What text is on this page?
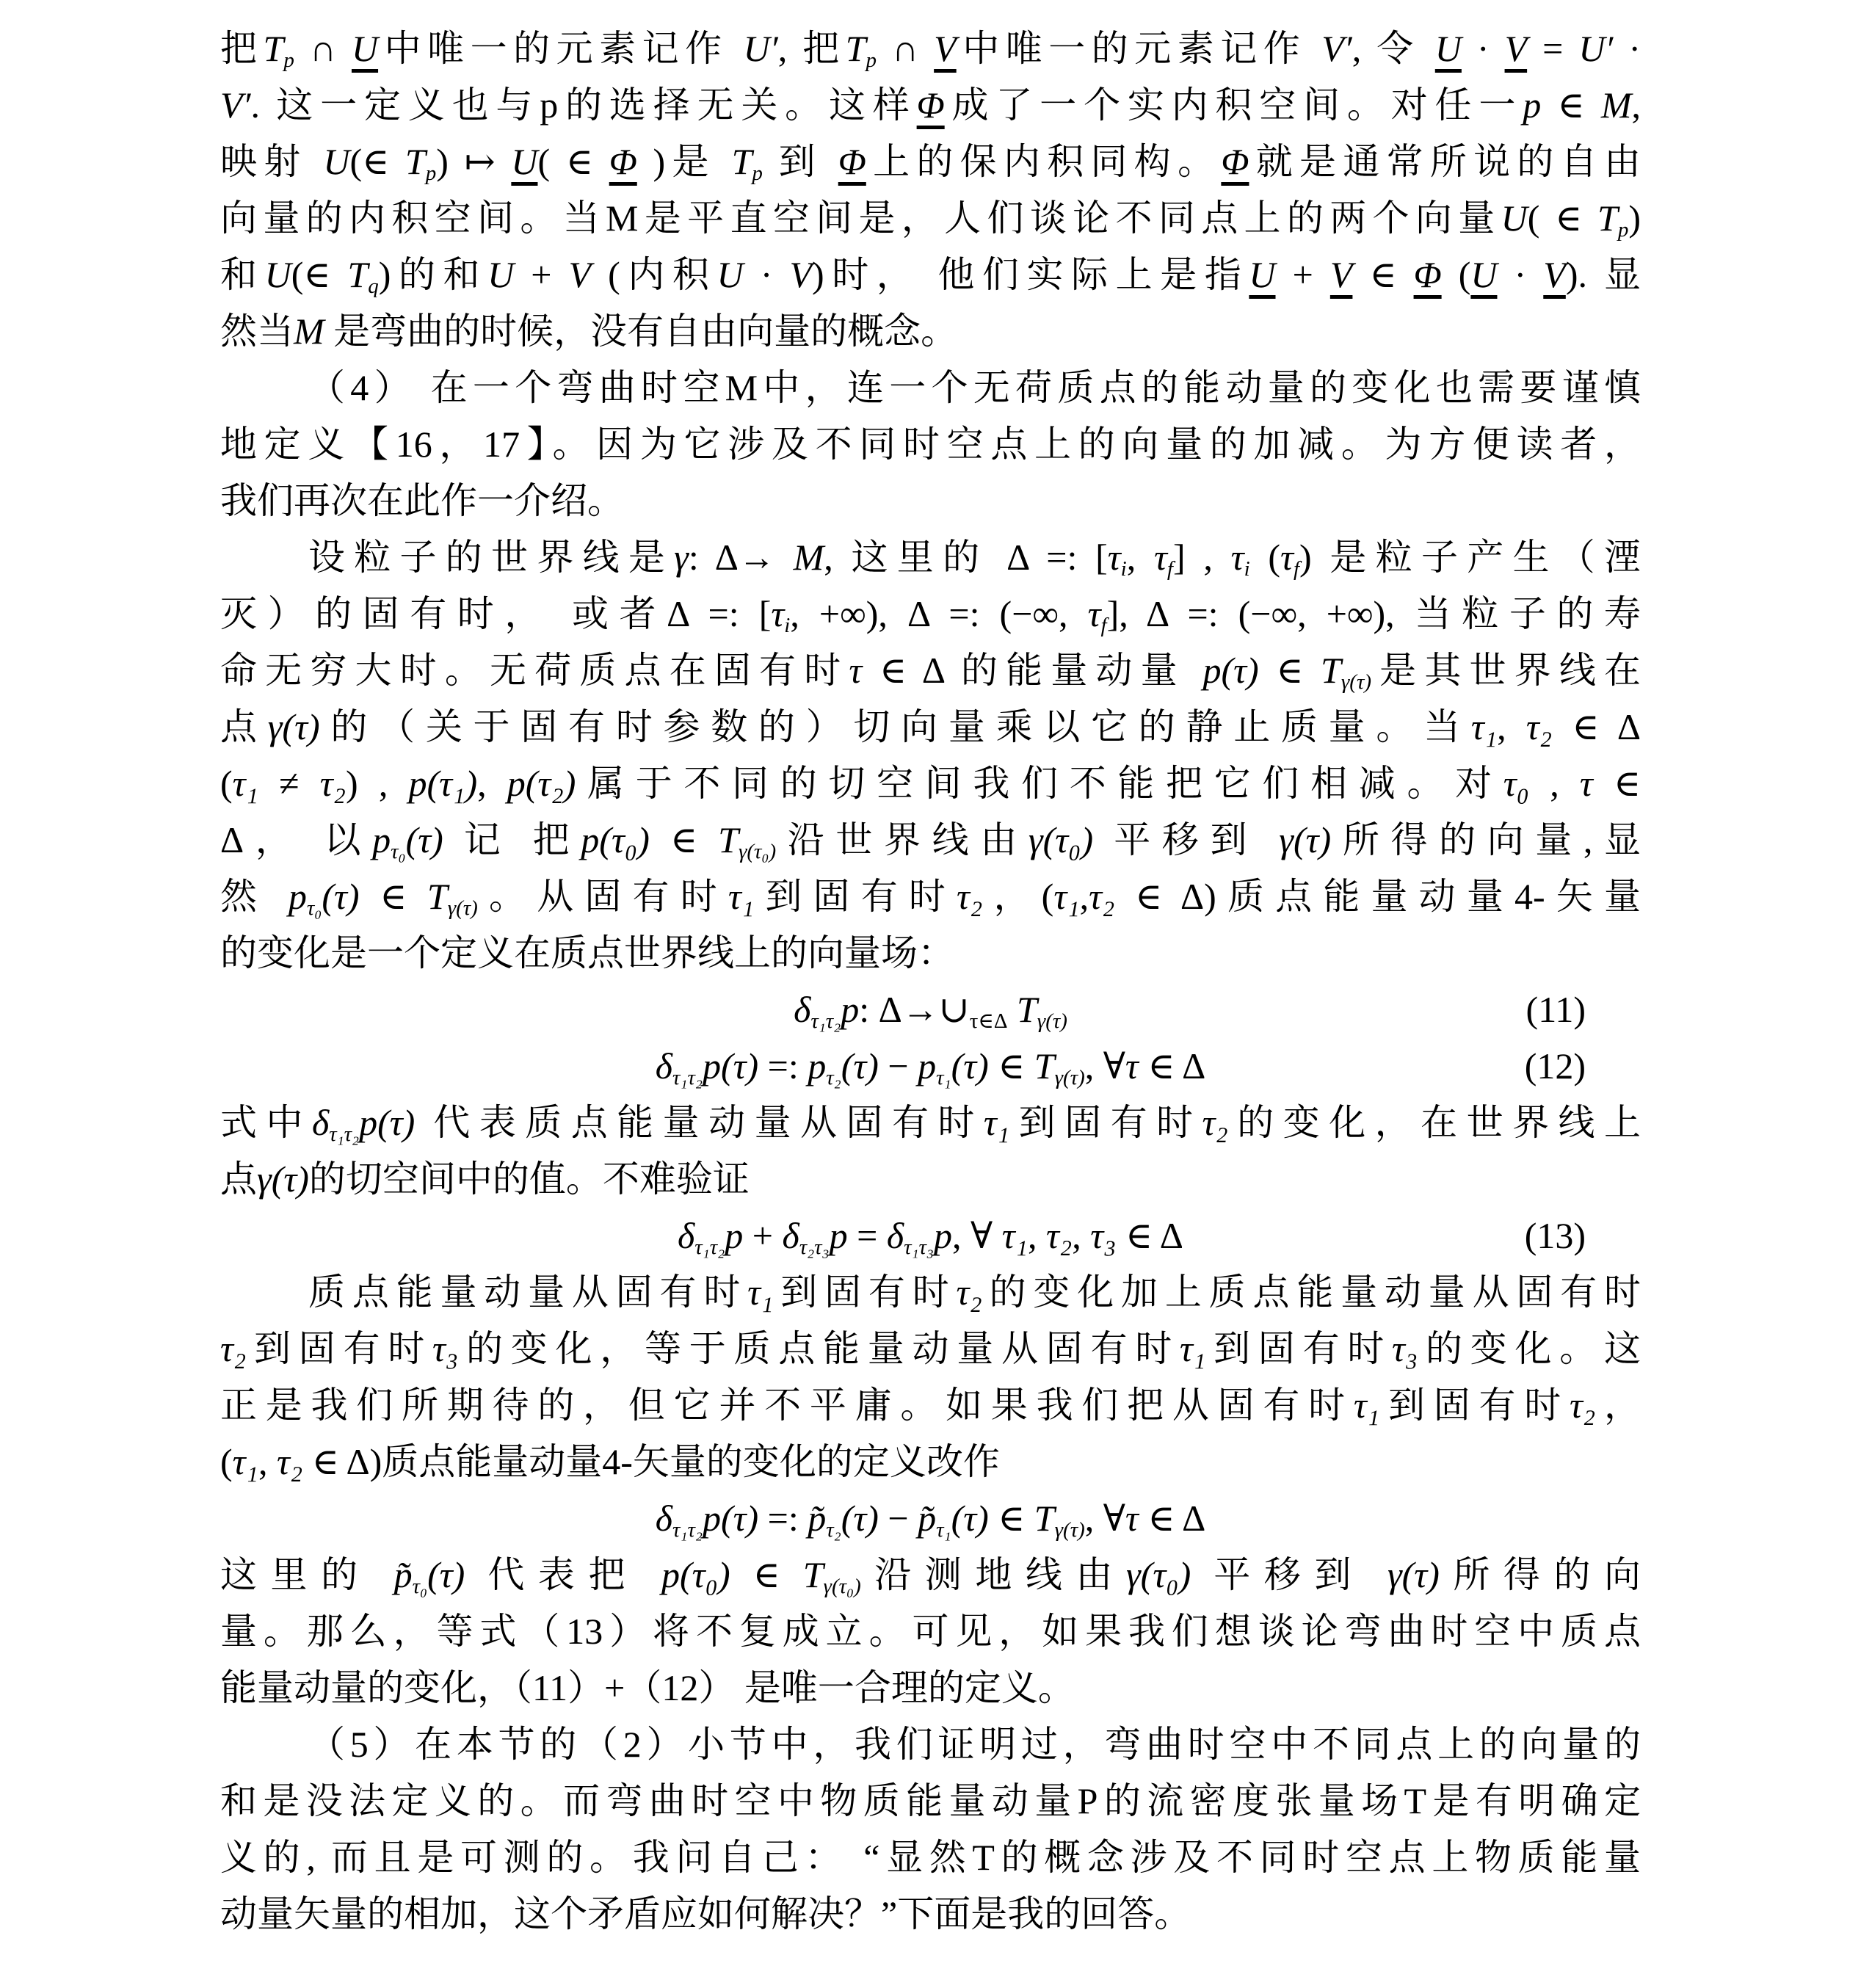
把$T_p$ ∩ U中唯一的元素记作 U′, 把$T_p$ ∩ V中唯一的元素记作 V′, 令 U · V = U′ ·
V′. 这一定义也与p的选择无关。这样Φ成了一个实内积空间。对任一p ∈ M,
映射 U(∈ $T_p$) ↦ U( ∈ Φ )是 $T_p$ 到 Φ上的保内积同构。Φ就是通常所说的自由
向量的内积空间。当M是平直空间是，人们谈论不同点上的两个向量U( ∈ $T_p$)
和U(∈ $T_q$)的和U + V (内积U · V)时， 他们实际上是指U + V ∈ Φ (U · V). 显
然当M 是弯曲的时候，没有自由向量的概念。
（4） 在一个弯曲时空M中，连一个无荷质点的能动量的变化也需要谨慎
地定义【16，17】。因为它涉及不同时空点上的向量的加减。为方便读者，
我们再次在此作一介绍。
设粒子的世界线是γ: Δ→ M, 这里的 Δ =: [$\tau_i$, $\tau_f$] , $\tau_i$ $(\tau_f)$ 是粒子产生（湮
灭）的固有时， 或者Δ =: [$\tau_i$, +∞), Δ =: (−∞, $\tau_f$], Δ =: (−∞, +∞), 当粒子的寿
命无穷大时。无荷质点在固有时τ ∈ Δ 的能量动量 p(τ) ∈ $T_{\gamma(\tau)}$是其世界线在
点γ(τ)的（关于固有时参数的）切向量乘以它的静止质量。当τ₁, τ₂ ∈ Δ
(τ₁ ≠ τ₂) , p(τ₁), p(τ₂)属于不同的切空间我们不能把它们相减。对τ₀ , τ ∈
Δ， 以$p_{\tau_0}(\tau)$ 记 把p(τ₀) ∈ $T_{\gamma(\tau_0)}$沿世界线由γ(τ₀) 平移到 γ(τ)所得的向量,显
然 $p_{\tau_0}(\tau)$ ∈ $T_{\gamma(\tau)}$。从固有时τ₁到固有时τ₂，(τ₁,τ₂ ∈ Δ)质点能量动量4-矢量
的变化是一个定义在质点世界线上的向量场：
$\delta_{\tau_1\tau_2}p$: $\Delta\to\cup_{\tau\in\Delta}$ $T_{\gamma(\tau)}$	(11)
$\delta_{\tau_1\tau_2}p(\tau)$ =: $p_{\tau_2}(\tau) - p_{\tau_1}(\tau)$ ∈ $T_{\gamma(\tau)}$, ∀τ ∈ Δ	(12)
式中$\delta_{\tau_1\tau_2}p(\tau)$ 代表质点能量动量从固有时τ₁到固有时τ₂的变化，在世界线上
点γ(τ)的切空间中的值。不难验证
$\delta_{\tau_1\tau_2}p + \delta_{\tau_2\tau_3}p = \delta_{\tau_1\tau_3}p$, ∀ τ₁, τ₂, τ₃ ∈ Δ	(13)
质点能量动量从固有时τ₁到固有时τ₂的变化加上质点能量动量从固有时
τ₂到固有时τ₃的变化，等于质点能量动量从固有时τ₁到固有时τ₃的变化。这
正是我们所期待的，但它并不平庸。如果我们把从固有时τ₁到固有时τ₂，
(τ₁, τ₂ ∈ Δ)质点能量动量4-矢量的变化的定义改作
$\delta_{\tau_1\tau_2}p(\tau)$ =: $p̃_{\tau_2}(\tau)$ − $p̃_{\tau_1}(\tau)$ ∈ $T_{\gamma(\tau)}$, ∀τ ∈ Δ
这里的 $p̃_{\tau_0}(\tau)$ 代表把 p(τ₀) ∈ $T_{\gamma(\tau_0)}$沿测地线由γ(τ₀) 平移到 γ(τ)所得的向
量。那么，等式（13）将不复成立。可见，如果我们想谈论弯曲时空中质点
能量动量的变化，（11）+（12） 是唯一合理的定义。
（5）在本节的（2）小节中，我们证明过，弯曲时空中不同点上的向量的
和是没法定义的。而弯曲时空中物质能量动量P的流密度张量场T是有明确定
义的, 而且是可测的。我问自己： “显然T的概念涉及不同时空点上物质能量
动量矢量的相加，这个矛盾应如何解决？”下面是我的回答。
